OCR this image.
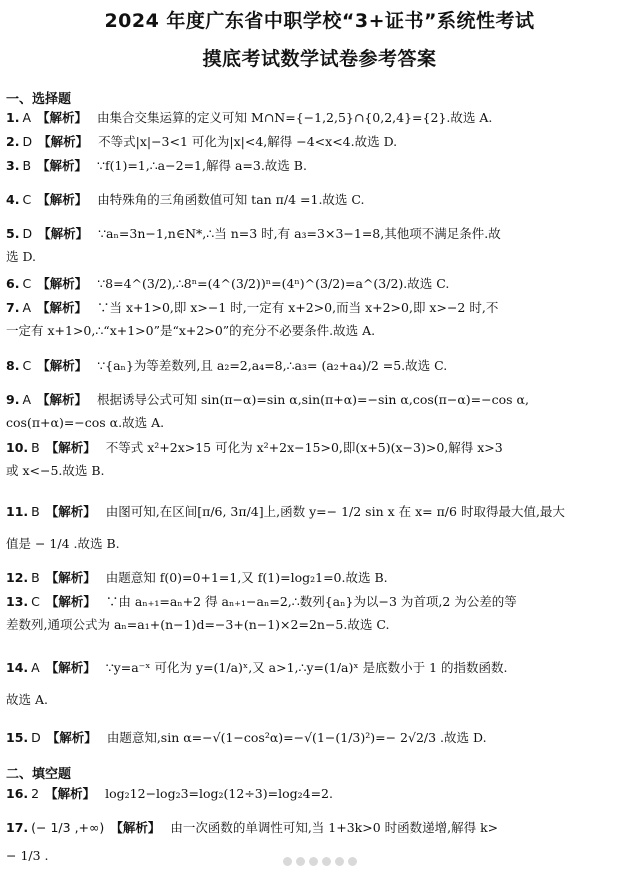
2024 年度广东省中职学校“3+证书”系统性考试
摸底考试数学试卷参考答案
一、选择题
1. A 【解析】 由集合交集运算的定义可知 M∩N={−1,2,5}∩{0,2,4}={2}.故选 A.
2. D 【解析】 不等式|x|−3<1 可化为|x|<4,解得 −4<x<4.故选 D.
3. B 【解析】 ∵f(1)=1,∴a−2=1,解得 a=3.故选 B.
4. C 【解析】 由特殊角的三角函数值可知 tan π/4 =1.故选 C.
5. D 【解析】 ∵aₙ=3n−1,n∈N*,∴当 n=3 时,有 a₃=3×3−1=8,其他项不满足条件.故
选 D.
6. C 【解析】 ∵8=4^(3/2),∴8ⁿ=(4^(3/2))ⁿ=(4ⁿ)^(3/2)=a^(3/2).故选 C.
7. A 【解析】 ∵当 x+1>0,即 x>−1 时,一定有 x+2>0,而当 x+2>0,即 x>−2 时,不
一定有 x+1>0,∴“x+1>0”是“x+2>0”的充分不必要条件.故选 A.
8. C 【解析】 ∵{aₙ}为等差数列,且 a₂=2,a₄=8,∴a₃= (a₂+a₄)/2 =5.故选 C.
9. A 【解析】 根据诱导公式可知 sin(π−α)=sin α,sin(π+α)=−sin α,cos(π−α)=−cos α,
cos(π+α)=−cos α.故选 A.
10. B 【解析】 不等式 x²+2x>15 可化为 x²+2x−15>0,即(x+5)(x−3)>0,解得 x>3
或 x<−5.故选 B.
11. B 【解析】 由图可知,在区间[π/6, 3π/4]上,函数 y=− 1/2 sin x 在 x= π/6 时取得最大值,最大
值是 − 1/4 .故选 B.
12. B 【解析】 由题意知 f(0)=0+1=1,又 f(1)=log₂1=0.故选 B.
13. C 【解析】 ∵由 aₙ₊₁=aₙ+2 得 aₙ₊₁−aₙ=2,∴数列{aₙ}为以−3 为首项,2 为公差的等
差数列,通项公式为 aₙ=a₁+(n−1)d=−3+(n−1)×2=2n−5.故选 C.
14. A 【解析】 ∵y=a⁻ˣ 可化为 y=(1/a)ˣ,又 a>1,∴y=(1/a)ˣ 是底数小于 1 的指数函数.
故选 A.
15. D 【解析】 由题意知,sin α=−√(1−cos²α)=−√(1−(1/3)²)=− 2√2/3 .故选 D.
二、填空题
16. 2 【解析】 log₂12−log₂3=log₂(12÷3)=log₂4=2.
17. (− 1/3 ,+∞) 【解析】 由一次函数的单调性可知,当 1+3k>0 时函数递增,解得 k>
− 1/3 .
